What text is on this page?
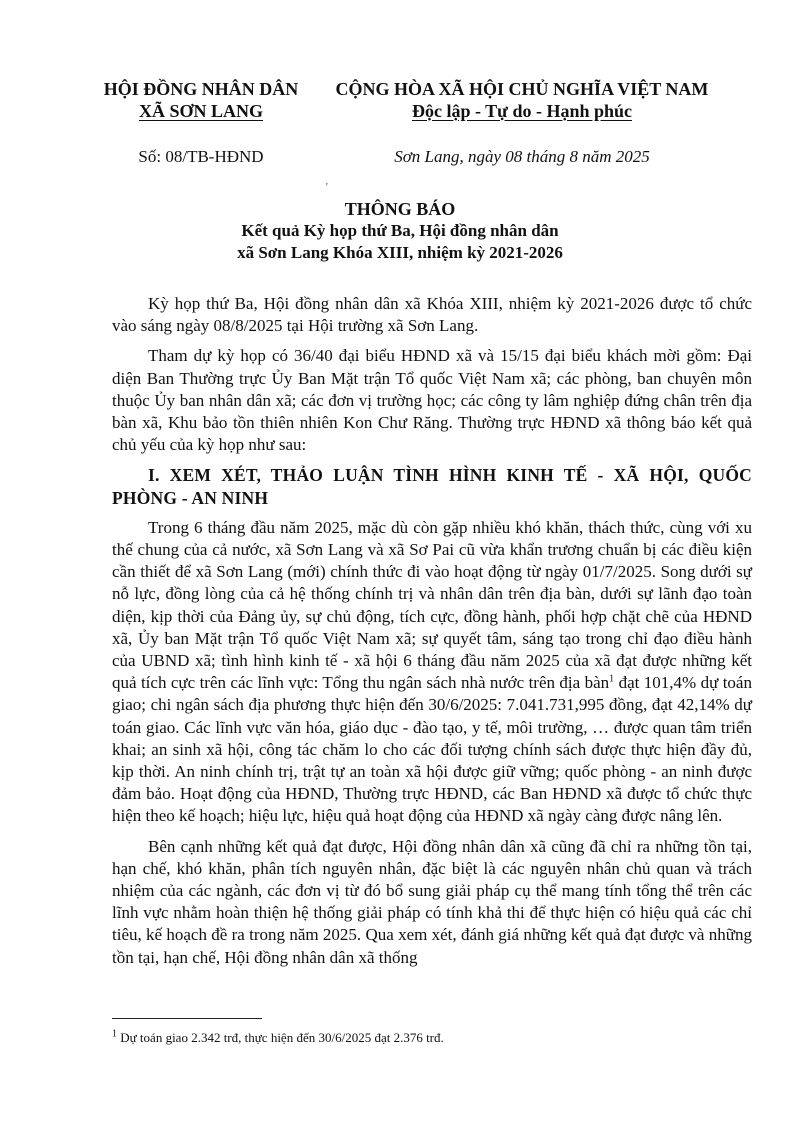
HỘI ĐỒNG NHÂN DÂN
XÃ SƠN LANG
CỘNG HÒA XÃ HỘI CHỦ NGHĨA VIỆT NAM
Độc lập - Tự do - Hạnh phúc
Số: 08/TB-HĐND	Sơn Lang, ngày 08 tháng 8 năm 2025
'
THÔNG BÁO
Kết quả Kỳ họp thứ Ba, Hội đồng nhân dân
xã Sơn Lang Khóa XIII, nhiệm kỳ 2021-2026

Kỳ họp thứ Ba, Hội đồng nhân dân xã Khóa XIII, nhiệm kỳ 2021-2026 được tổ chức vào sáng ngày 08/8/2025 tại Hội trường xã Sơn Lang.

Tham dự kỳ họp có 36/40 đại biểu HĐND xã và 15/15 đại biểu khách mời gồm: Đại diện Ban Thường trực Ủy Ban Mặt trận Tổ quốc Việt Nam xã; các phòng, ban chuyên môn thuộc Ủy ban nhân dân xã; các đơn vị trường học; các công ty lâm nghiệp đứng chân trên địa bàn xã, Khu bảo tồn thiên nhiên Kon Chư Răng. Thường trực HĐND xã thông báo kết quả chủ yếu của kỳ họp như sau:

I. XEM XÉT, THẢO LUẬN TÌNH HÌNH KINH TẾ - XÃ HỘI, QUỐC PHÒNG - AN NINH

Trong 6 tháng đầu năm 2025, mặc dù còn gặp nhiều khó khăn, thách thức, cùng với xu thế chung của cả nước, xã Sơn Lang và xã Sơ Pai cũ vừa khẩn trương chuẩn bị các điều kiện cần thiết để xã Sơn Lang (mới) chính thức đi vào hoạt động từ ngày 01/7/2025. Song dưới sự nỗ lực, đồng lòng của cả hệ thống chính trị và nhân dân trên địa bàn, dưới sự lãnh đạo toàn diện, kịp thời của Đảng ủy, sự chủ động, tích cực, đồng hành, phối hợp chặt chẽ của HĐND xã, Ủy ban Mặt trận Tổ quốc Việt Nam xã; sự quyết tâm, sáng tạo trong chỉ đạo điều hành của UBND xã; tình hình kinh tế - xã hội 6 tháng đầu năm 2025 của xã đạt được những kết quả tích cực trên các lĩnh vực: Tổng thu ngân sách nhà nước trên địa bàn$^1$ đạt 101,4% dự toán giao; chi ngân sách địa phương thực hiện đến 30/6/2025: 7.041.731,995 đồng, đạt 42,14% dự toán giao. Các lĩnh vực văn hóa, giáo dục - đào tạo, y tế, môi trường, … được quan tâm triển khai; an sinh xã hội, công tác chăm lo cho các đối tượng chính sách được thực hiện đầy đủ, kịp thời. An ninh chính trị, trật tự an toàn xã hội được giữ vững; quốc phòng - an ninh được đảm bảo. Hoạt động của HĐND, Thường trực HĐND, các Ban HĐND xã được tổ chức thực hiện theo kế hoạch; hiệu lực, hiệu quả hoạt động của HĐND xã ngày càng được nâng lên.

Bên cạnh những kết quả đạt được, Hội đồng nhân dân xã cũng đã chỉ ra những tồn tại, hạn chế, khó khăn, phân tích nguyên nhân, đặc biệt là các nguyên nhân chủ quan và trách nhiệm của các ngành, các đơn vị từ đó bổ sung giải pháp cụ thể mang tính tổng thể trên các lĩnh vực nhằm hoàn thiện hệ thống giải pháp có tính khả thi để thực hiện có hiệu quả các chỉ tiêu, kế hoạch đề ra trong năm 2025. Qua xem xét, đánh giá những kết quả đạt được và những tồn tại, hạn chế, Hội đồng nhân dân xã thống

$^1$ Dự toán giao 2.342 trđ, thực hiện đến 30/6/2025 đạt 2.376 trđ.
